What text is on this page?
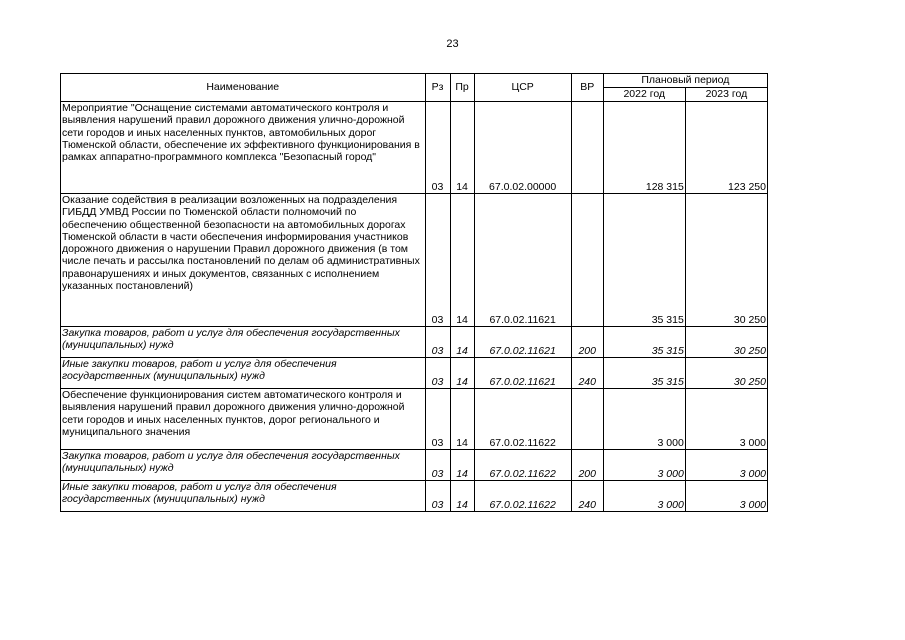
23
Наименование	Рз	Пр	ЦСР	ВР	Плановый период	
					2022 год	2023 год
Мероприятие "Оснащение системами автоматического контроля и выявления нарушений правил дорожного движения улично-дорожной сети городов и иных населенных пунктов, автомобильных дорог Тюменской области, обеспечение их эффективного функционирования в рамках аппаратно-программного комплекса "Безопасный город"	03	14	67.0.02.00000		128 315	123 250
Оказание содействия в реализации возложенных на подразделения ГИБДД УМВД России по Тюменской области полномочий по обеспечению общественной безопасности на автомобильных дорогах Тюменской области в части обеспечения информирования участников дорожного движения о нарушении Правил дорожного движения (в том числе печать и рассылка постановлений по делам об административных правонарушениях и иных документов, связанных с исполнением указанных постановлений)	03	14	67.0.02.11621		35 315	30 250
Закупка товаров, работ и услуг для обеспечения государственных (муниципальных) нужд	03	14	67.0.02.11621	200	35 315	30 250
Иные закупки товаров, работ и услуг для обеспечения государственных (муниципальных) нужд	03	14	67.0.02.11621	240	35 315	30 250
Обеспечение функционирования систем автоматического контроля и выявления нарушений правил дорожного движения улично-дорожной сети городов и иных населенных пунктов, дорог регионального и муниципального значения	03	14	67.0.02.11622		3 000	3 000
Закупка товаров, работ и услуг для обеспечения государственных (муниципальных) нужд	03	14	67.0.02.11622	200	3 000	3 000
Иные закупки товаров, работ и услуг для обеспечения государственных (муниципальных) нужд	03	14	67.0.02.11622	240	3 000	3 000
